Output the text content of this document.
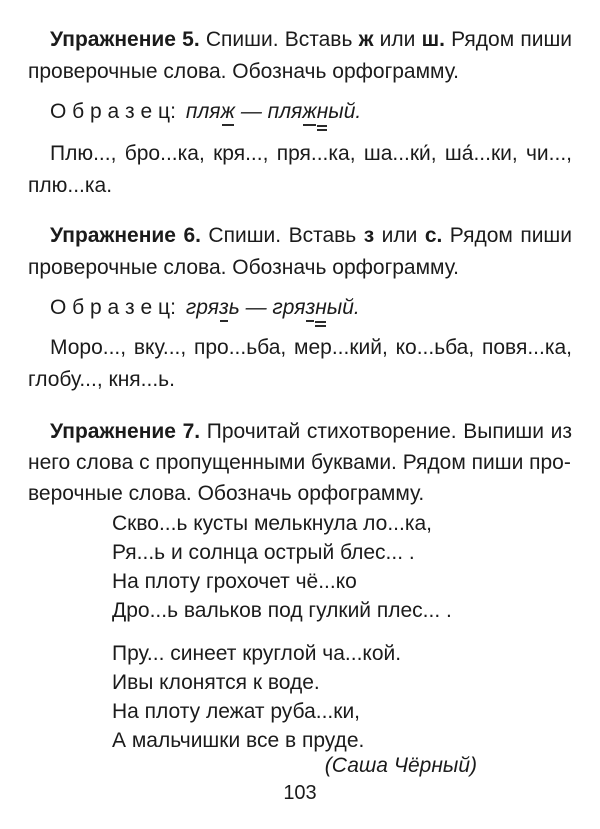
Упражнение 5. Спиши. Вставь ж или ш. Рядом пиши проверочные слова. Обозначь орфограмму.

О б р а з е ц: пляж — пляжный.

Плю..., бро...ка, кря..., пря...ка, ша...ки́, ша́...ки, чи..., плю...ка.

Упражнение 6. Спиши. Вставь з или с. Рядом пиши проверочные слова. Обозначь орфограмму.

О б р а з е ц: грязь — грязный.

Моро..., вку..., про...ьба, мер...кий, ко...ьба, повя...ка, глобу..., кня...ь.

Упражнение 7. Прочитай стихотворение. Выпиши из него слова с пропущенными буквами. Рядом пиши про-
верочные слова. Обозначь орфограмму.

Скво...ь кусты мелькнула ло...ка,
Ря...ь и солнца острый блес... .
На плоту грохочет чё...ко
Дро...ь вальков под гулкий плес... .
Пру... синеет круглой ча...кой.
Ивы клонятся к воде.
На плоту лежат руба...ки,
А мальчишки все в пруде.
(Саша Чёрный)
103
